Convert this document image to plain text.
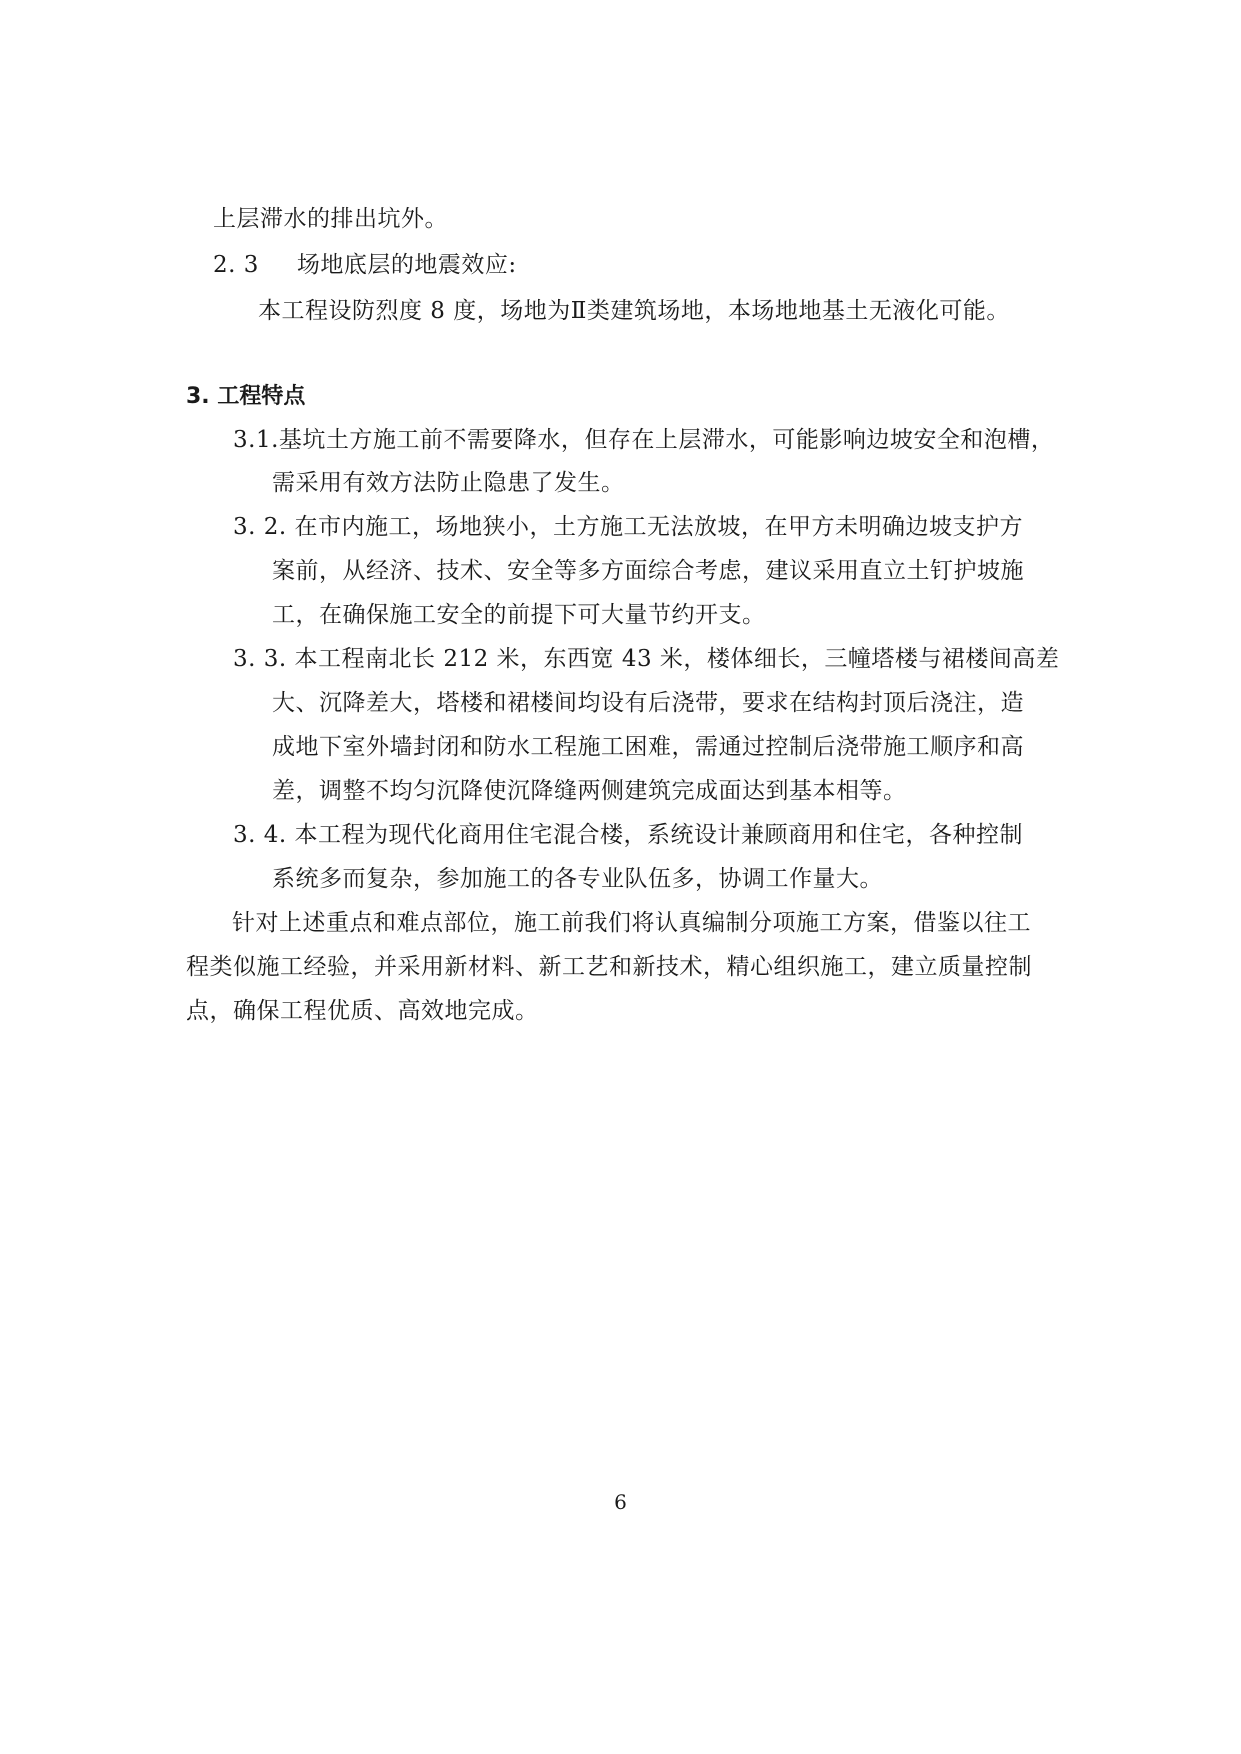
上层滞水的排出坑外。
2. 3 场地底层的地震效应:
本工程设防烈度 8 度，场地为Ⅱ类建筑场地，本场地地基土无液化可能。
3. 工程特点
3.1.基坑土方施工前不需要降水，但存在上层滞水，可能影响边坡安全和泡槽，
需采用有效方法防止隐患了发生。
3. 2. 在市内施工，场地狭小，土方施工无法放坡，在甲方未明确边坡支护方
案前，从经济、技术、安全等多方面综合考虑，建议采用直立土钉护坡施
工，在确保施工安全的前提下可大量节约开支。
3. 3. 本工程南北长 212 米，东西宽 43 米，楼体细长，三幢塔楼与裙楼间高差
大、沉降差大，塔楼和裙楼间均设有后浇带，要求在结构封顶后浇注，造
成地下室外墙封闭和防水工程施工困难，需通过控制后浇带施工顺序和高
差，调整不均匀沉降使沉降缝两侧建筑完成面达到基本相等。
3. 4. 本工程为现代化商用住宅混合楼，系统设计兼顾商用和住宅，各种控制
系统多而复杂，参加施工的各专业队伍多，协调工作量大。
针对上述重点和难点部位，施工前我们将认真编制分项施工方案，借鉴以往工
程类似施工经验，并采用新材料、新工艺和新技术，精心组织施工，建立质量控制
点，确保工程优质、高效地完成。
6
